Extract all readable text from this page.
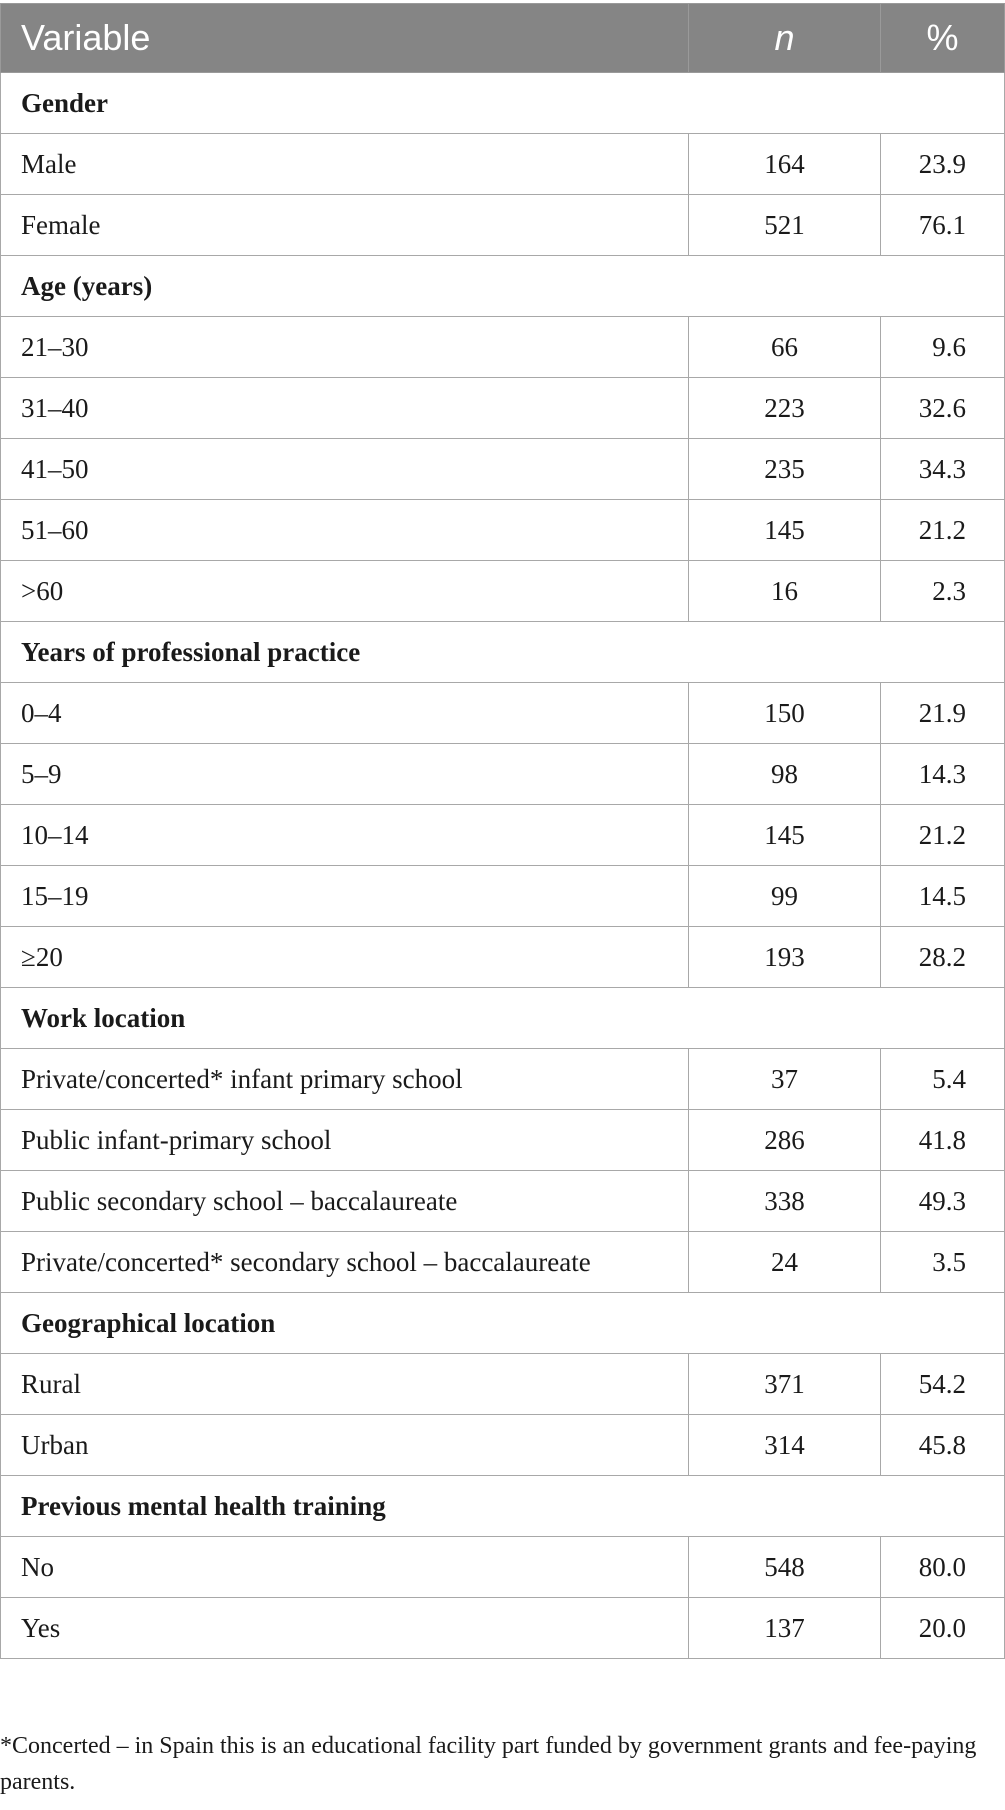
Variable	n	%
Gender		
Male	164	23.9
Female	521	76.1
Age (years)		
21–30	66	9.6
31–40	223	32.6
41–50	235	34.3
51–60	145	21.2
>60	16	2.3
Years of professional practice		
0–4	150	21.9
5–9	98	14.3
10–14	145	21.2
15–19	99	14.5
≥20	193	28.2
Work location		
Private/concerted* infant primary school	37	5.4
Public infant-primary school	286	41.8
Public secondary school – baccalaureate	338	49.3
Private/concerted* secondary school – baccalaureate	24	3.5
Geographical location		
Rural	371	54.2
Urban	314	45.8
Previous mental health training		
No	548	80.0
Yes	137	20.0
*Concerted – in Spain this is an educational facility part funded by government grants and fee-paying parents.
